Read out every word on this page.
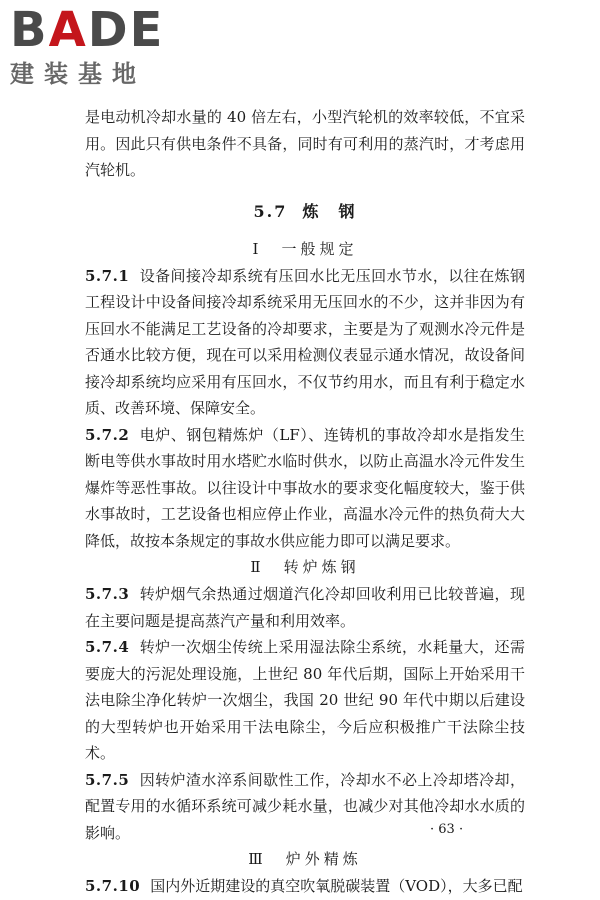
BADE
建装基地

是电动机冷却水量的 40 倍左右，小型汽轮机的效率较低，不宜采用。因此只有供电条件不具备，同时有可利用的蒸汽时，才考虑用汽轮机。

5.7 炼　钢
Ⅰ　一般规定

5.7.1 设备间接冷却系统有压回水比无压回水节水，以往在炼钢工程设计中设备间接冷却系统采用无压回水的不少，这并非因为有压回水不能满足工艺设备的冷却要求，主要是为了观测水冷元件是否通水比较方便，现在可以采用检测仪表显示通水情况，故设备间接冷却系统均应采用有压回水，不仅节约用水，而且有利于稳定水质、改善环境、保障安全。

5.7.2 电炉、钢包精炼炉（LF）、连铸机的事故冷却水是指发生断电等供水事故时用水塔贮水临时供水，以防止高温水冷元件发生爆炸等恶性事故。以往设计中事故水的要求变化幅度较大，鉴于供水事故时，工艺设备也相应停止作业，高温水冷元件的热负荷大大降低，故按本条规定的事故水供应能力即可以满足要求。

Ⅱ　转炉炼钢

5.7.3 转炉烟气余热通过烟道汽化冷却回收利用已比较普遍，现在主要问题是提高蒸汽产量和利用效率。

5.7.4 转炉一次烟尘传统上采用湿法除尘系统，水耗量大，还需要庞大的污泥处理设施，上世纪 80 年代后期，国际上开始采用干法电除尘净化转炉一次烟尘，我国 20 世纪 90 年代中期以后建设的大型转炉也开始采用干法电除尘，今后应积极推广干法除尘技术。

5.7.5 因转炉渣水淬系间歇性工作，冷却水不必上冷却塔冷却，配置专用的水循环系统可减少耗水量，也减少对其他冷却水水质的影响。

Ⅲ　炉外精炼

5.7.10 国内外近期建设的真空吹氧脱碳装置（VOD），大多已配

· 63 ·
